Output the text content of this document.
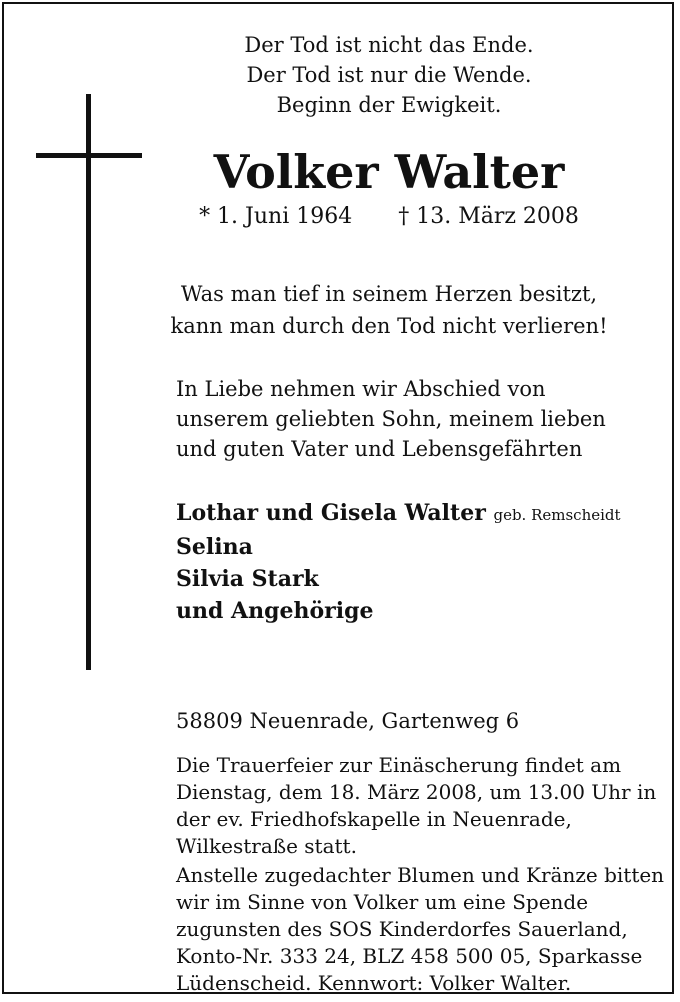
Der Tod ist nicht das Ende.
Der Tod ist nur die Wende.
Beginn der Ewigkeit.
Volker Walter
* 1. Juni 1964 † 13. März 2008
Was man tief in seinem Herzen besitzt,
kann man durch den Tod nicht verlieren!
In Liebe nehmen wir Abschied von
unserem geliebten Sohn, meinem lieben
und guten Vater und Lebensgefährten
Lothar und Gisela Walter geb. Remscheidt
Selina
Silvia Stark
und Angehörige
58809 Neuenrade, Gartenweg 6
Die Trauerfeier zur Einäscherung findet am
Dienstag, dem 18. März 2008, um 13.00 Uhr in
der ev. Friedhofskapelle in Neuenrade,
Wilkestraße statt.
Anstelle zugedachter Blumen und Kränze bitten
wir im Sinne von Volker um eine Spende
zugunsten des SOS Kinderdorfes Sauerland,
Konto-Nr. 333 24, BLZ 458 500 05, Sparkasse
Lüdenscheid. Kennwort: Volker Walter.
